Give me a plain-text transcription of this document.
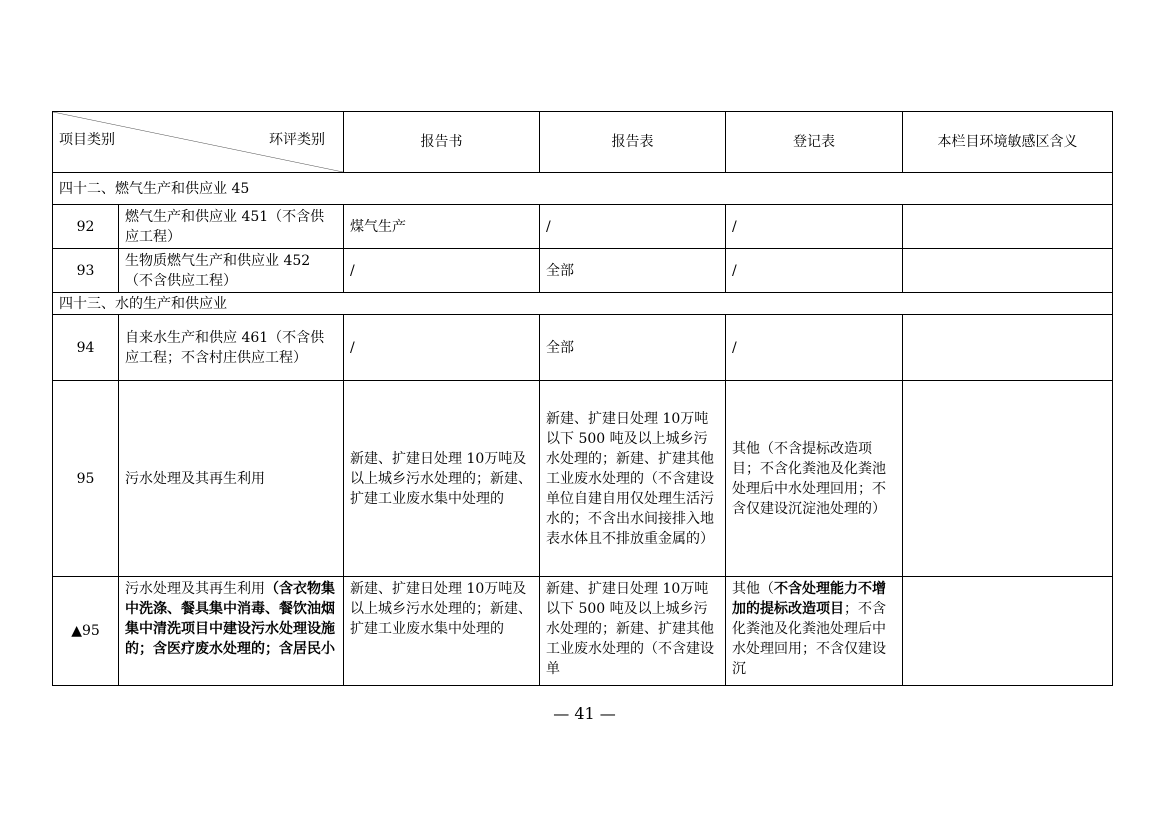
项目类别 环评类别		报告书	报告表	登记表	本栏目环境敏感区含义
四十二、燃气生产和供应业 45					
92	燃气生产和供应业 451（不含供应工程）	煤气生产	/	/	
93	生物质燃气生产和供应业 452（不含供应工程）	/	全部	/	
四十三、水的生产和供应业					
94	自来水生产和供应 461（不含供应工程；不含村庄供应工程）	/	全部	/	
95	污水处理及其再生利用	新建、扩建日处理 10万吨及以上城乡污水处理的；新建、扩建工业废水集中处理的	新建、扩建日处理 10万吨以下 500 吨及以上城乡污水处理的；新建、扩建其他工业废水处理的（不含建设单位自建自用仅处理生活污水的；不含出水间接排入地表水体且不排放重金属的）	其他（不含提标改造项目；不含化粪池及化粪池处理后中水处理回用；不含仅建设沉淀池处理的）	
▲95	污水处理及其再生利用（含衣物集中洗涤、餐具集中消毒、餐饮油烟集中清洗项目中建设污水处理设施的；含医疗废水处理的；含居民小	新建、扩建日处理 10万吨及以上城乡污水处理的；新建、扩建工业废水集中处理的	新建、扩建日处理 10万吨以下 500 吨及以上城乡污水处理的；新建、扩建其他工业废水处理的（不含建设单	其他（不含处理能力不增加的提标改造项目；不含化粪池及化粪池处理后中水处理回用；不含仅建设沉	
— 41 —
